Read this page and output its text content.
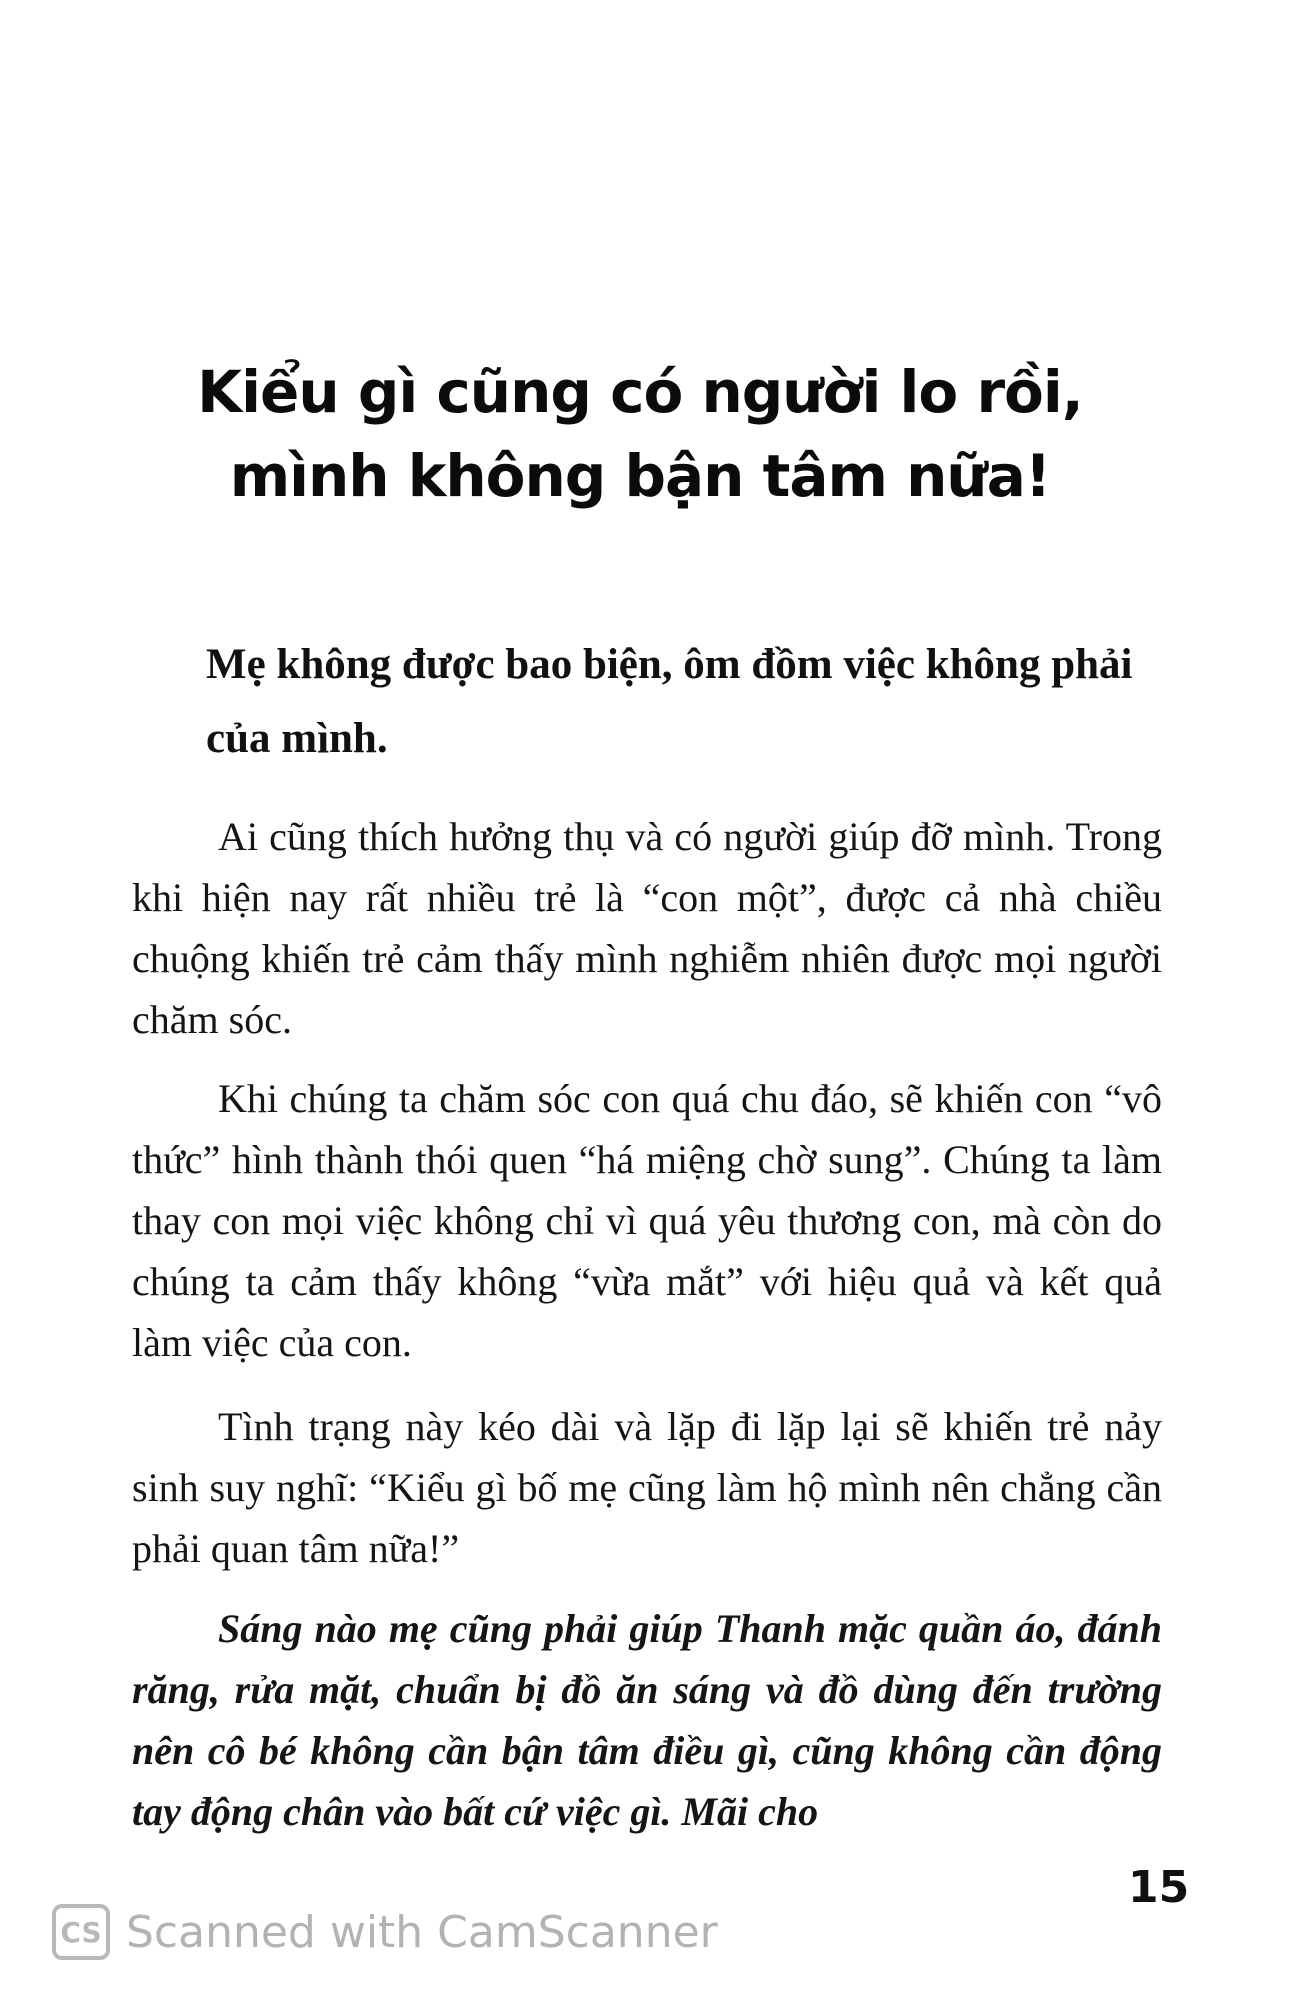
Kiểu gì cũng có người lo rồi,
mình không bận tâm nữa!

Mẹ không được bao biện, ôm đồm việc không phải của mình.

Ai cũng thích hưởng thụ và có người giúp đỡ mình. Trong khi hiện nay rất nhiều trẻ là “con một”, được cả nhà chiều chuộng khiến trẻ cảm thấy mình nghiễm nhiên được mọi người chăm sóc.

Khi chúng ta chăm sóc con quá chu đáo, sẽ khiến con “vô thức” hình thành thói quen “há miệng chờ sung”. Chúng ta làm thay con mọi việc không chỉ vì quá yêu thương con, mà còn do chúng ta cảm thấy không “vừa mắt” với hiệu quả và kết quả làm việc của con.

Tình trạng này kéo dài và lặp đi lặp lại sẽ khiến trẻ nảy sinh suy nghĩ: “Kiểu gì bố mẹ cũng làm hộ mình nên chẳng cần phải quan tâm nữa!”

Sáng nào mẹ cũng phải giúp Thanh mặc quần áo, đánh răng, rửa mặt, chuẩn bị đồ ăn sáng và đồ dùng đến trường nên cô bé không cần bận tâm điều gì, cũng không cần động tay động chân vào bất cứ việc gì. Mãi cho

15
CS Scanned with CamScanner
